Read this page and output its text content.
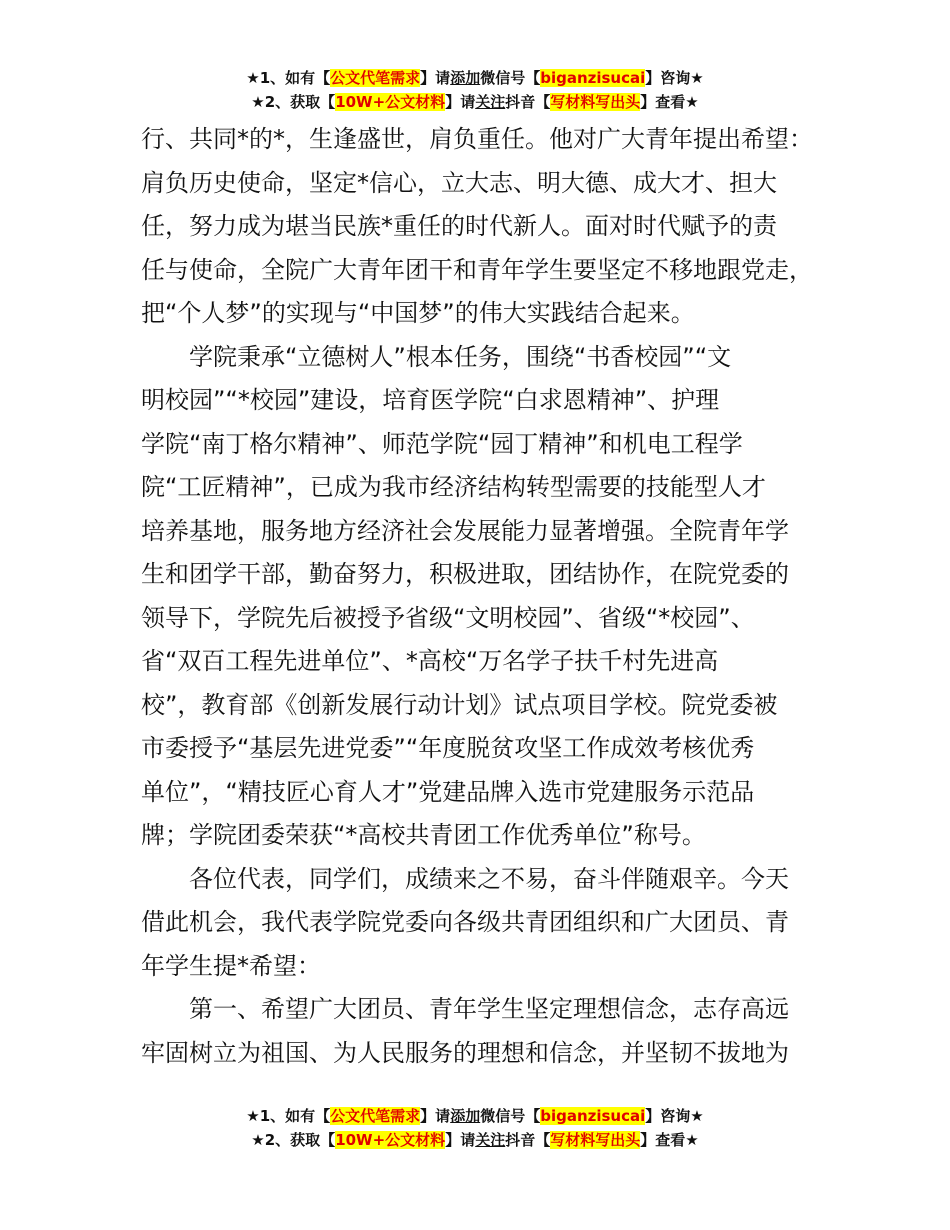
★1、如有【公文代笔需求】请添加微信号【biganzisucai】咨询★
★2、获取【10W+公文材料】请关注抖音【写材料写出头】查看★
行、共同*的*，生逢盛世，肩负重任。他对广大青年提出希望：
肩负历史使命，坚定*信心，立大志、明大德、成大才、担大
任，努力成为堪当民族*重任的时代新人。面对时代赋予的责
任与使命，全院广大青年团干和青年学生要坚定不移地跟党走，
把“个人梦”的实现与“中国梦”的伟大实践结合起来。
学院秉承“立德树人”根本任务，围绕“书香校园”“文
明校园”“*校园”建设，培育医学院“白求恩精神”、护理
学院“南丁格尔精神”、师范学院“园丁精神”和机电工程学
院“工匠精神”，已成为我市经济结构转型需要的技能型人才
培养基地，服务地方经济社会发展能力显著增强。全院青年学
生和团学干部，勤奋努力，积极进取，团结协作，在院党委的
领导下，学院先后被授予省级“文明校园”、省级“*校园”、
省“双百工程先进单位”、*高校“万名学子扶千村先进高
校”，教育部《创新发展行动计划》试点项目学校。院党委被
市委授予“基层先进党委”“年度脱贫攻坚工作成效考核优秀
单位”，“精技匠心育人才”党建品牌入选市党建服务示范品
牌；学院团委荣获“*高校共青团工作优秀单位”称号。
各位代表，同学们，成绩来之不易，奋斗伴随艰辛。今天
借此机会，我代表学院党委向各级共青团组织和广大团员、青
年学生提*希望：
第一、希望广大团员、青年学生坚定理想信念，志存高远
牢固树立为祖国、为人民服务的理想和信念，并坚韧不拔地为
★1、如有【公文代笔需求】请添加微信号【biganzisucai】咨询★
★2、获取【10W+公文材料】请关注抖音【写材料写出头】查看★
